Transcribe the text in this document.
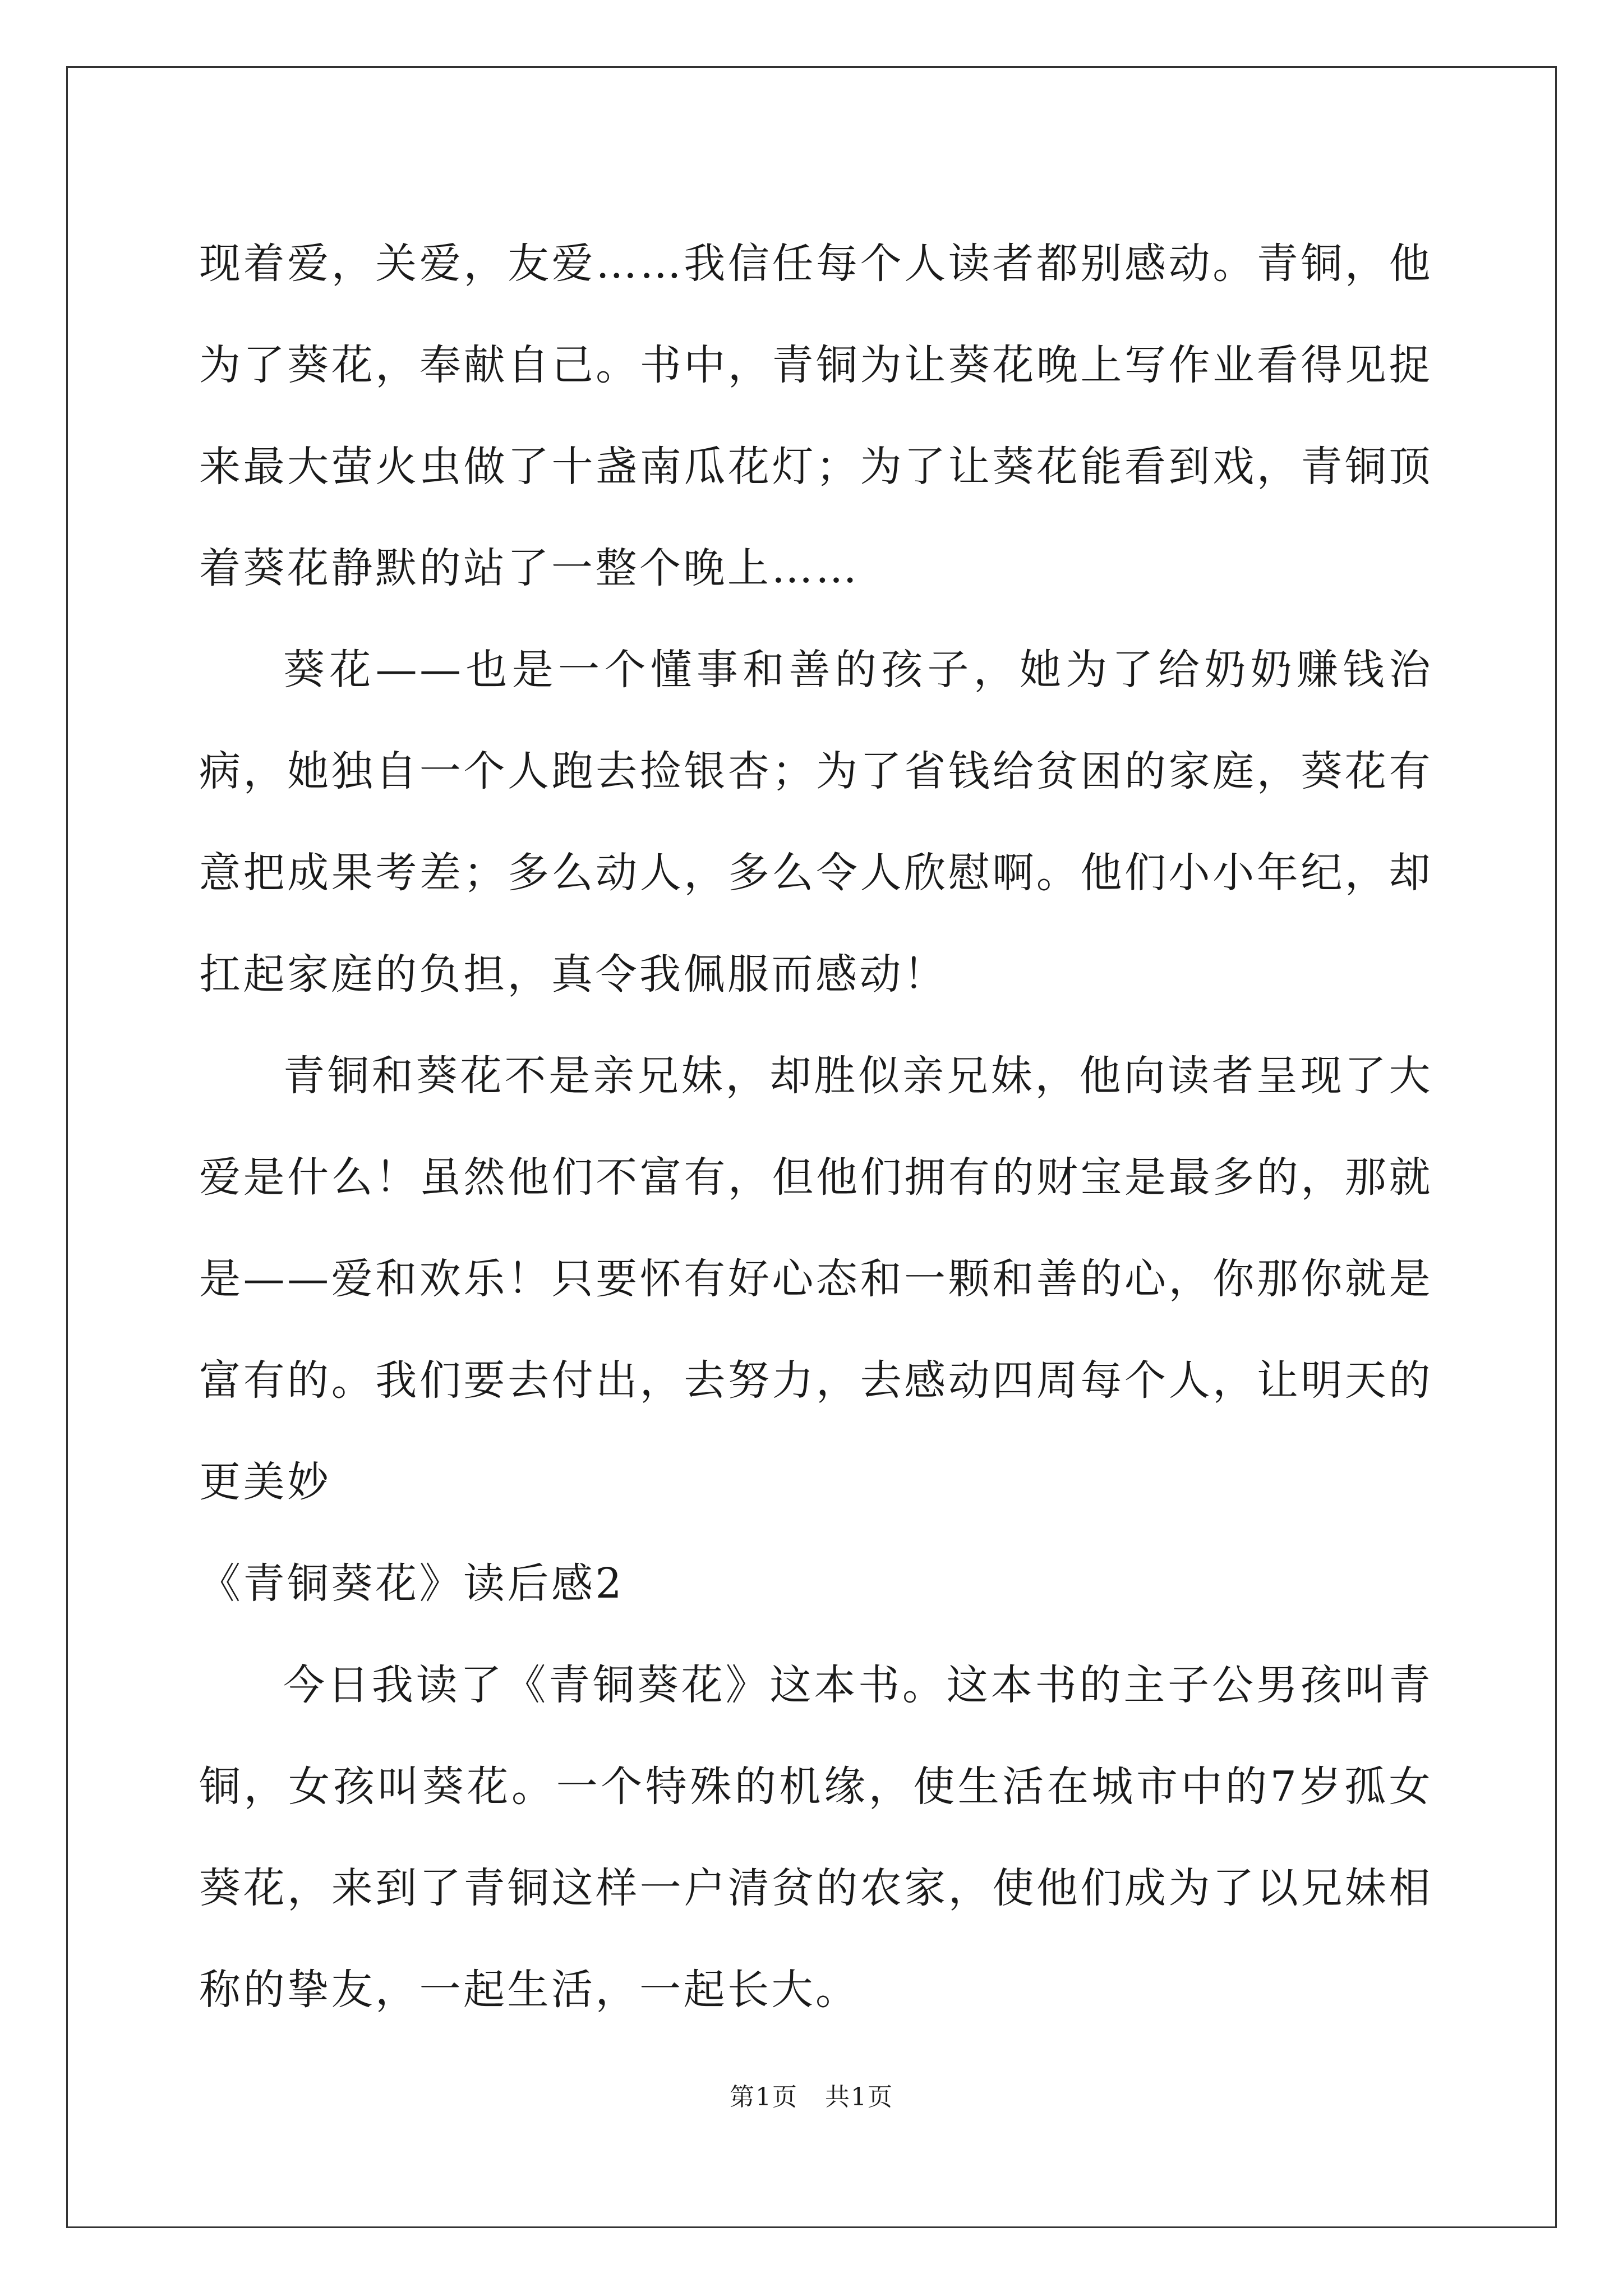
现着爱，关爱，友爱……我信任每个人读者都别感动。青铜，他为了葵花，奉献自己。书中，青铜为让葵花晚上写作业看得见捉来最大萤火虫做了十盏南瓜花灯；为了让葵花能看到戏，青铜顶着葵花静默的站了一整个晚上……

葵花——也是一个懂事和善的孩子，她为了给奶奶赚钱治病，她独自一个人跑去捡银杏；为了省钱给贫困的家庭，葵花有意把成果考差；多么动人，多么令人欣慰啊。他们小小年纪，却扛起家庭的负担，真令我佩服而感动！

青铜和葵花不是亲兄妹，却胜似亲兄妹，他向读者呈现了大爱是什么！虽然他们不富有，但他们拥有的财宝是最多的，那就是——爱和欢乐！只要怀有好心态和一颗和善的心，你那你就是富有的。我们要去付出，去努力，去感动四周每个人，让明天的更美妙

《青铜葵花》读后感2

今日我读了《青铜葵花》这本书。这本书的主子公男孩叫青铜，女孩叫葵花。一个特殊的机缘，使生活在城市中的7岁孤女葵花，来到了青铜这样一户清贫的农家，使他们成为了以兄妹相称的挚友，一起生活，一起长大。

第1页 共1页
